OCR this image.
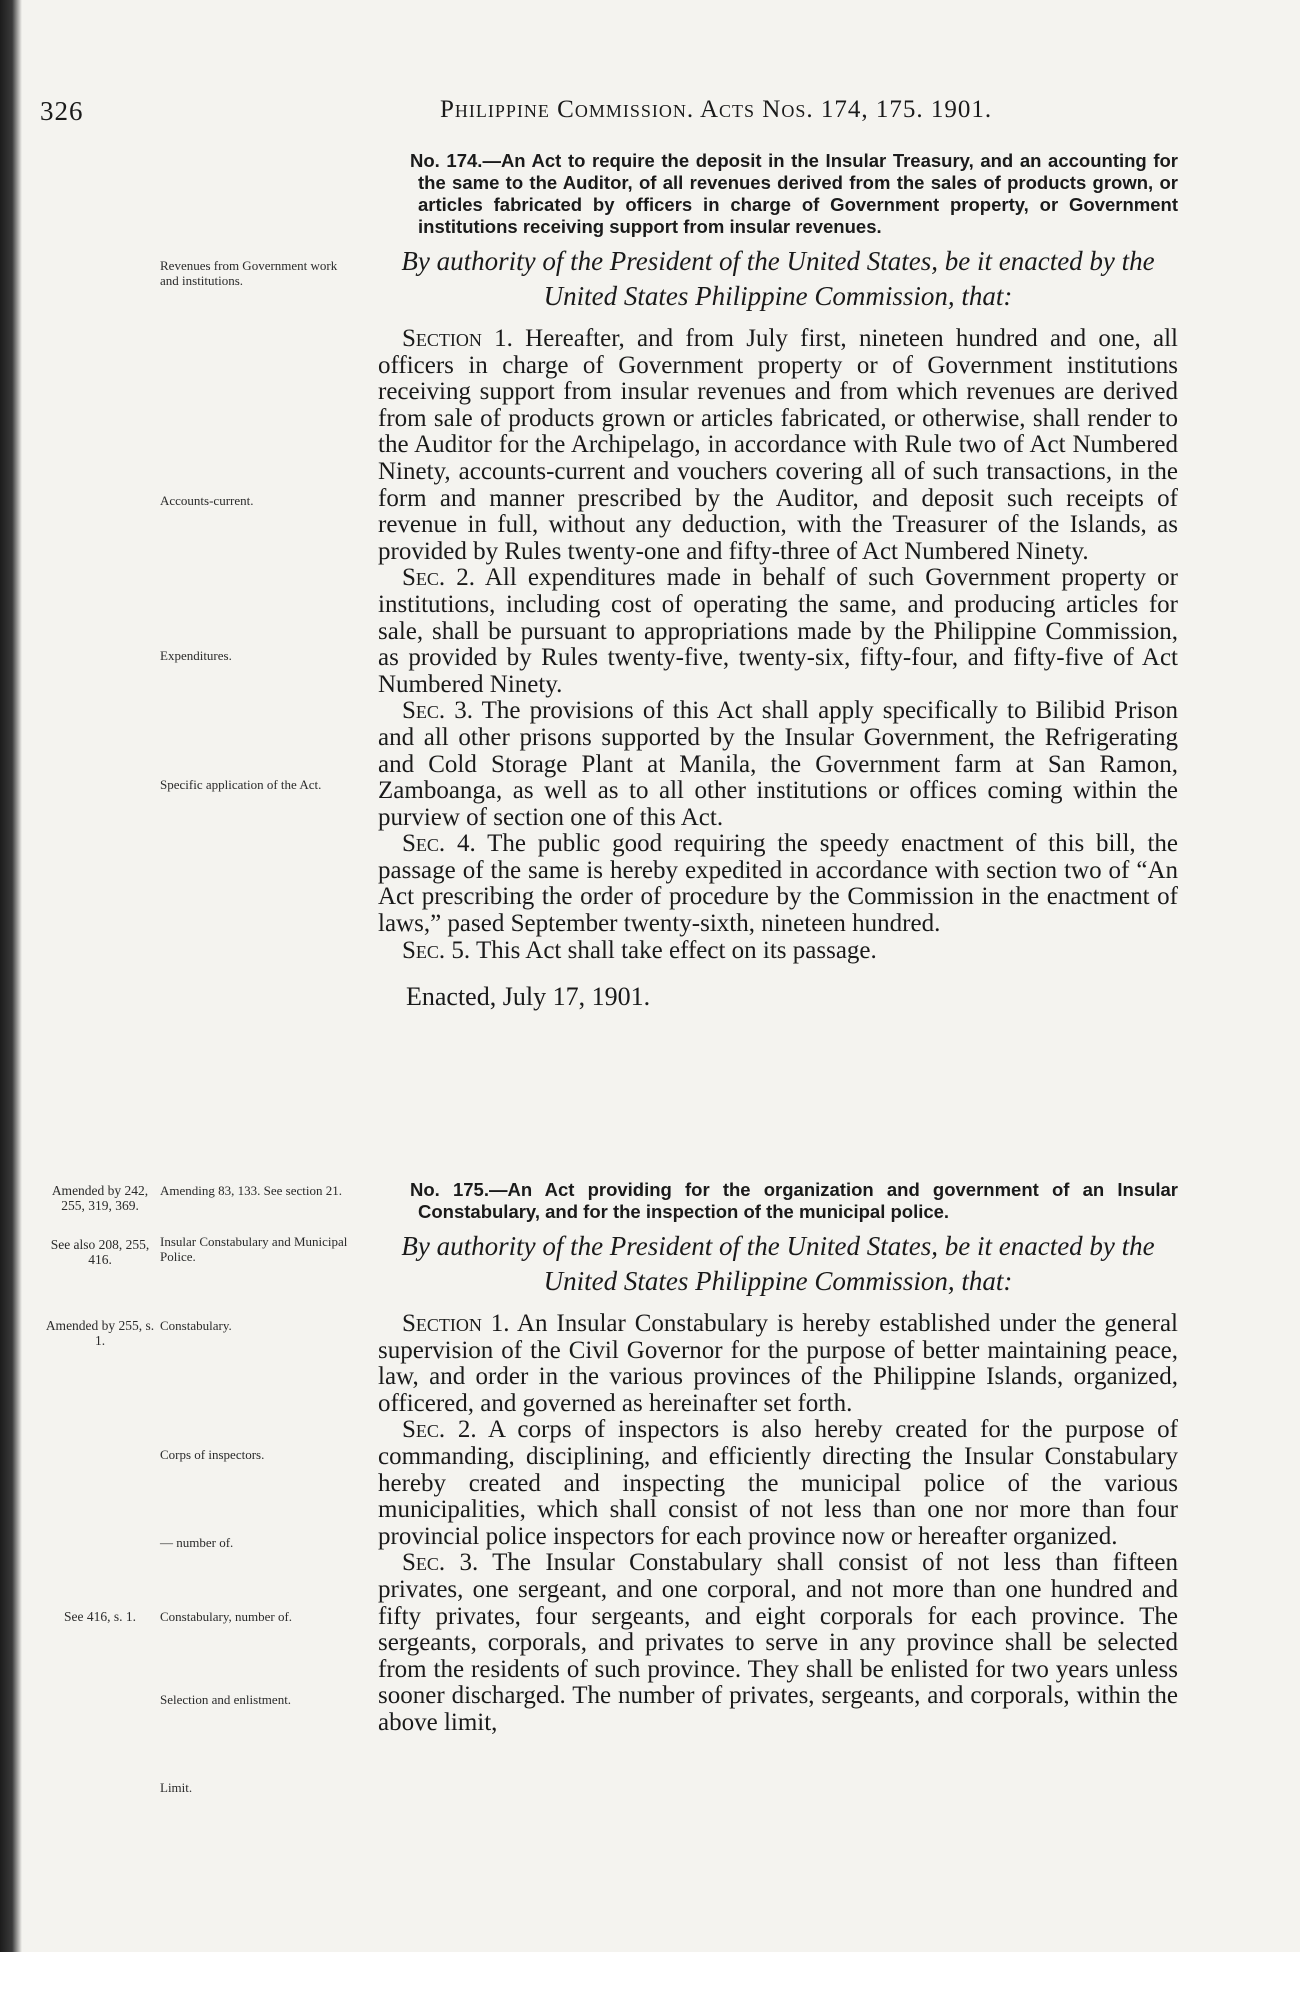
326	Philippine Commission. Acts Nos. 174, 175. 1901.

No. 174.—An Act to require the deposit in the Insular Treasury, and an accounting for the same to the Auditor, of all revenues derived from the sales of products grown, or articles fabricated by officers in charge of Government property, or Government institutions receiving support from insular revenues.

By authority of the President of the United States, be it enacted by the United States Philippine Commission, that:

Section 1. Hereafter, and from July first, nineteen hundred and one, all officers in charge of Government property or of Government institutions receiving support from insular revenues and from which revenues are derived from sale of products grown or articles fabricated, or otherwise, shall render to the Auditor for the Archipelago, in accordance with Rule two of Act Numbered Ninety, accounts-current and vouchers covering all of such transactions, in the form and manner prescribed by the Auditor, and deposit such receipts of revenue in full, without any deduction, with the Treasurer of the Islands, as provided by Rules twenty-one and fifty-three of Act Numbered Ninety.

Sec. 2. All expenditures made in behalf of such Government property or institutions, including cost of operating the same, and producing articles for sale, shall be pursuant to appropriations made by the Philippine Commission, as provided by Rules twenty-five, twenty-six, fifty-four, and fifty-five of Act Numbered Ninety.

Sec. 3. The provisions of this Act shall apply specifically to Bilibid Prison and all other prisons supported by the Insular Government, the Refrigerating and Cold Storage Plant at Manila, the Government farm at San Ramon, Zamboanga, as well as to all other institutions or offices coming within the purview of section one of this Act.

Sec. 4. The public good requiring the speedy enactment of this bill, the passage of the same is hereby expedited in accordance with section two of “An Act prescribing the order of procedure by the Commission in the enactment of laws,” pased September twenty-sixth, nineteen hundred.

Sec. 5. This Act shall take effect on its passage.

Enacted, July 17, 1901.

Revenues from Government work and institutions.
Accounts-current.
Expenditures.
Specific application of the Act.

No. 175.—An Act providing for the organization and government of an Insular Constabulary, and for the inspection of the municipal police.

By authority of the President of the United States, be it enacted by the United States Philippine Commission, that:

Section 1. An Insular Constabulary is hereby established under the general supervision of the Civil Governor for the purpose of better maintaining peace, law, and order in the various provinces of the Philippine Islands, organized, officered, and governed as hereinafter set forth.

Sec. 2. A corps of inspectors is also hereby created for the purpose of commanding, disciplining, and efficiently directing the Insular Constabulary hereby created and inspecting the municipal police of the various municipalities, which shall consist of not less than one nor more than four provincial police inspectors for each province now or hereafter organized.

Sec. 3. The Insular Constabulary shall consist of not less than fifteen privates, one sergeant, and one corporal, and not more than one hundred and fifty privates, four sergeants, and eight corporals for each province. The sergeants, corporals, and privates to serve in any province shall be selected from the residents of such province. They shall be enlisted for two years unless sooner discharged. The number of privates, sergeants, and corporals, within the above limit,

Amended by 242, 255, 319, 369.
See also 208, 255, 416.
Amending 83, 133. See section 21.
Insular Constabulary and Municipal Police.
Amended by 255, s. 1.
Constabulary.
Corps of inspectors.
— number of.
See 416, s. 1.	Constabulary, number of.
Selection and enlistment.
Limit.
